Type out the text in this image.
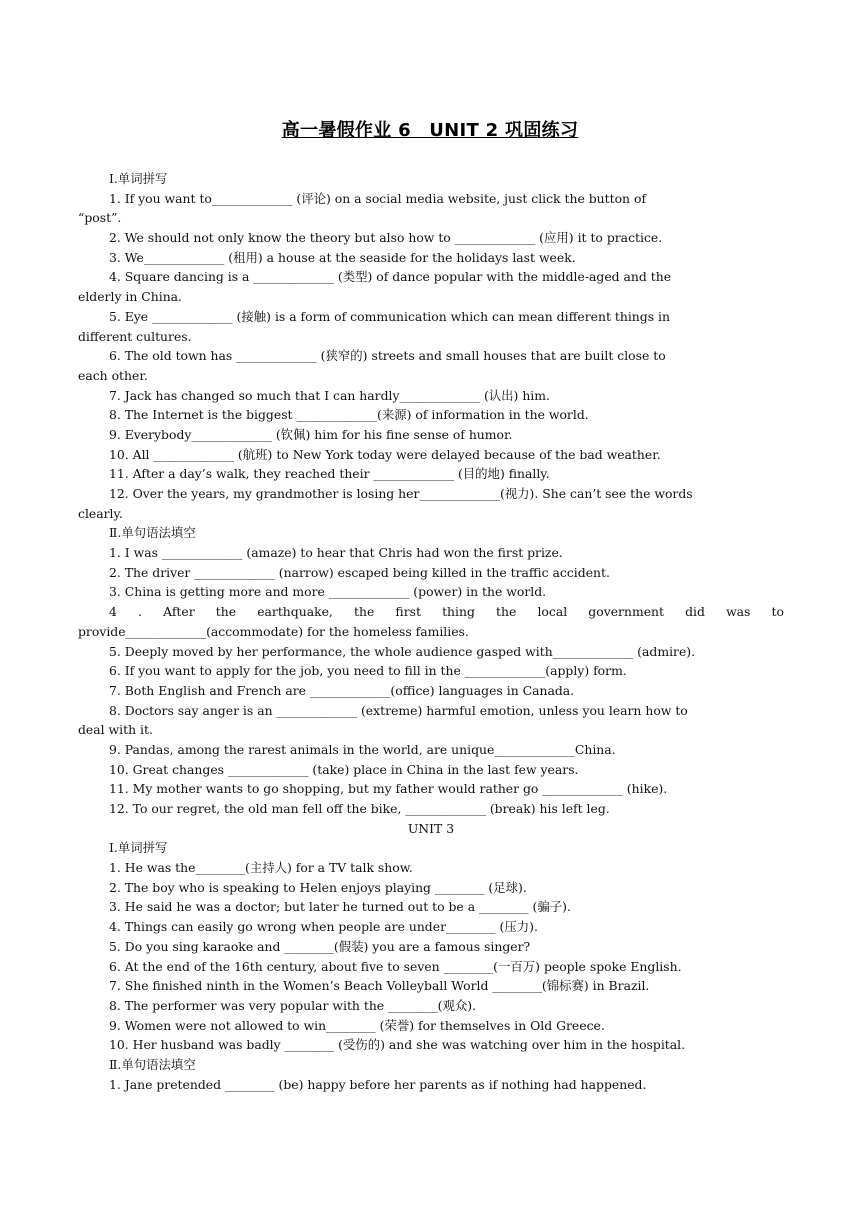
高一暑假作业 6　UNIT 2 巩固练习
Ⅰ.单词拼写
1. If you want to_____________ (评论) on a social media website, just click the button of
“post”.
2. We should not only know the theory but also how to _____________ (应用) it to practice.
3. We_____________ (租用) a house at the seaside for the holidays last week.
4. Square dancing is a _____________ (类型) of dance popular with the middle-aged and the
elderly in China.
5. Eye _____________ (接触) is a form of communication which can mean different things in
different cultures.
6. The old town has _____________ (狭窄的) streets and small houses that are built close to
each other.
7. Jack has changed so much that I can hardly_____________ (认出) him.
8. The Internet is the biggest _____________(来源) of information in the world.
9. Everybody_____________ (钦佩) him for his fine sense of humor.
10. All _____________ (航班) to New York today were delayed because of the bad weather.
11. After a day’s walk, they reached their _____________ (目的地) finally.
12. Over the years, my grandmother is losing her_____________(视力). She can’t see the words
clearly.
Ⅱ.单句语法填空
1. I was _____________ (amaze) to hear that Chris had won the first prize.
2. The driver _____________ (narrow) escaped being killed in the traffic accident.
3. China is getting more and more _____________ (power) in the world.
4 . After the earthquake, the first thing the local government did was to
provide_____________(accommodate) for the homeless families.
5. Deeply moved by her performance, the whole audience gasped with_____________ (admire).
6. If you want to apply for the job, you need to fill in the _____________(apply) form.
7. Both English and French are _____________(office) languages in Canada.
8. Doctors say anger is an _____________ (extreme) harmful emotion, unless you learn how to
deal with it.
9. Pandas, among the rarest animals in the world, are unique_____________China.
10. Great changes _____________ (take) place in China in the last few years.
11. My mother wants to go shopping, but my father would rather go _____________ (hike).
12. To our regret, the old man fell off the bike, _____________ (break) his left leg.
UNIT 3
Ⅰ.单词拼写
1. He was the________(主持人) for a TV talk show.
2. The boy who is speaking to Helen enjoys playing ________ (足球).
3. He said he was a doctor; but later he turned out to be a ________ (骗子).
4. Things can easily go wrong when people are under________ (压力).
5. Do you sing karaoke and ________(假装) you are a famous singer?
6. At the end of the 16th century, about five to seven ________(一百万) people spoke English.
7. She finished ninth in the Women’s Beach Volleyball World ________(锦标赛) in Brazil.
8. The performer was very popular with the ________(观众).
9. Women were not allowed to win________ (荣誉) for themselves in Old Greece.
10. Her husband was badly ________ (受伤的) and she was watching over him in the hospital.
Ⅱ.单句语法填空
1. Jane pretended ________ (be) happy before her parents as if nothing had happened.
